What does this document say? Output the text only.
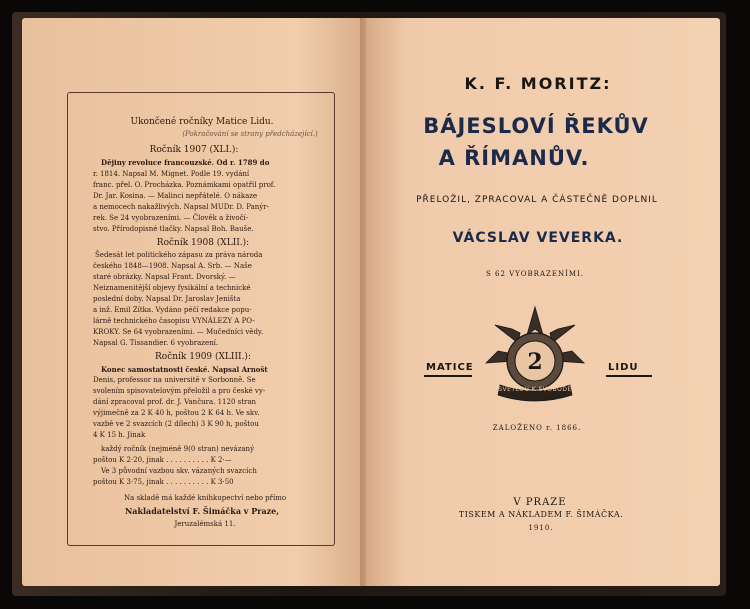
Ukončené ročníky Matice Lidu.
(Pokračování se strany předcházející.)
Ročník 1907 (XLI.):
Dějiny revoluce francouzské. Od r. 1789 do
r. 1814. Napsal M. Mignet. Podle 19. vydání
franc. přel. O. Procházka. Poznámkami opatřil prof.
Dr. Jar. Kosina. — Malinci nepřátelé. O nákaze
a nemocech nakažlivých. Napsal MUDr. D. Panýr-
rek. Se 24 vyobrazeními. — Člověk a živočí-
stvo. Přírodopisné tlačky. Napsal Boh. Bauše.
Ročník 1908 (XLII.):
Šedesát let politického zápasu za práva národa
českého 1848—1908. Napsal A. Srb. — Naše
staré obrázky. Napsal Frant. Dvorský. —
Neiznamenitější objevy fysikální a technické
poslední doby. Napsal Dr. Jaroslav Jeništa
a inž. Emil Zítka. Vydáno péčí redakce popu-
lárně technického časopisu VYNÁLEZY A PO-
KROKY. Se 64 vyobrazeními. — Mučedníci vědy.
Napsal G. Tissandier. 6 vyobrazení.
Ročník 1909 (XLIII.):
Konec samostatnosti české. Napsal Arnošt
Denis, professor na universitě v Sorbonně. Se
svolením spisovatelovým přeložil a pro české vy-
dání zpracoval prof. dr. J. Vančura. 1120 stran
výjimečně za 2 K 40 h, poštou 2 K 64 h. Ve skv.
vazbě ve 2 svazcích (2 dílech) 3 K 90 h, poštou
4 K 15 h. Jinak
každý ročník (nejméně 9(0 stran) nevázaný
poštou K 2·20, jinak . . . . . . . . . . K 2·—
Ve 3 původní vazbou skv. vázaných svazcích
poštou K 3·75, jinak . . . . . . . . . . K 3·50
Na skladě má každé knihkupectví nebo přímo
Nakladatelství F. Šimáčka v Praze,
Jeruzalémská 11.
K. F. MORITZ:
BÁJESLOVÍ ŘEKŮV
A ŘÍMANŮV.
PŘELOŽIL, ZPRACOVAL A ČÁSTEČNĚ DOPLNIL
VÁCSLAV VEVERKA.
S 62 VYOBRAZENÍMI.
MATICE	LIDU
2
SVĚTLOU K SVOBODĚ
ZALOŽENO r. 1866.
V PRAZE
TISKEM A NÁKLADEM F. ŠIMÁČKA.
1910.
